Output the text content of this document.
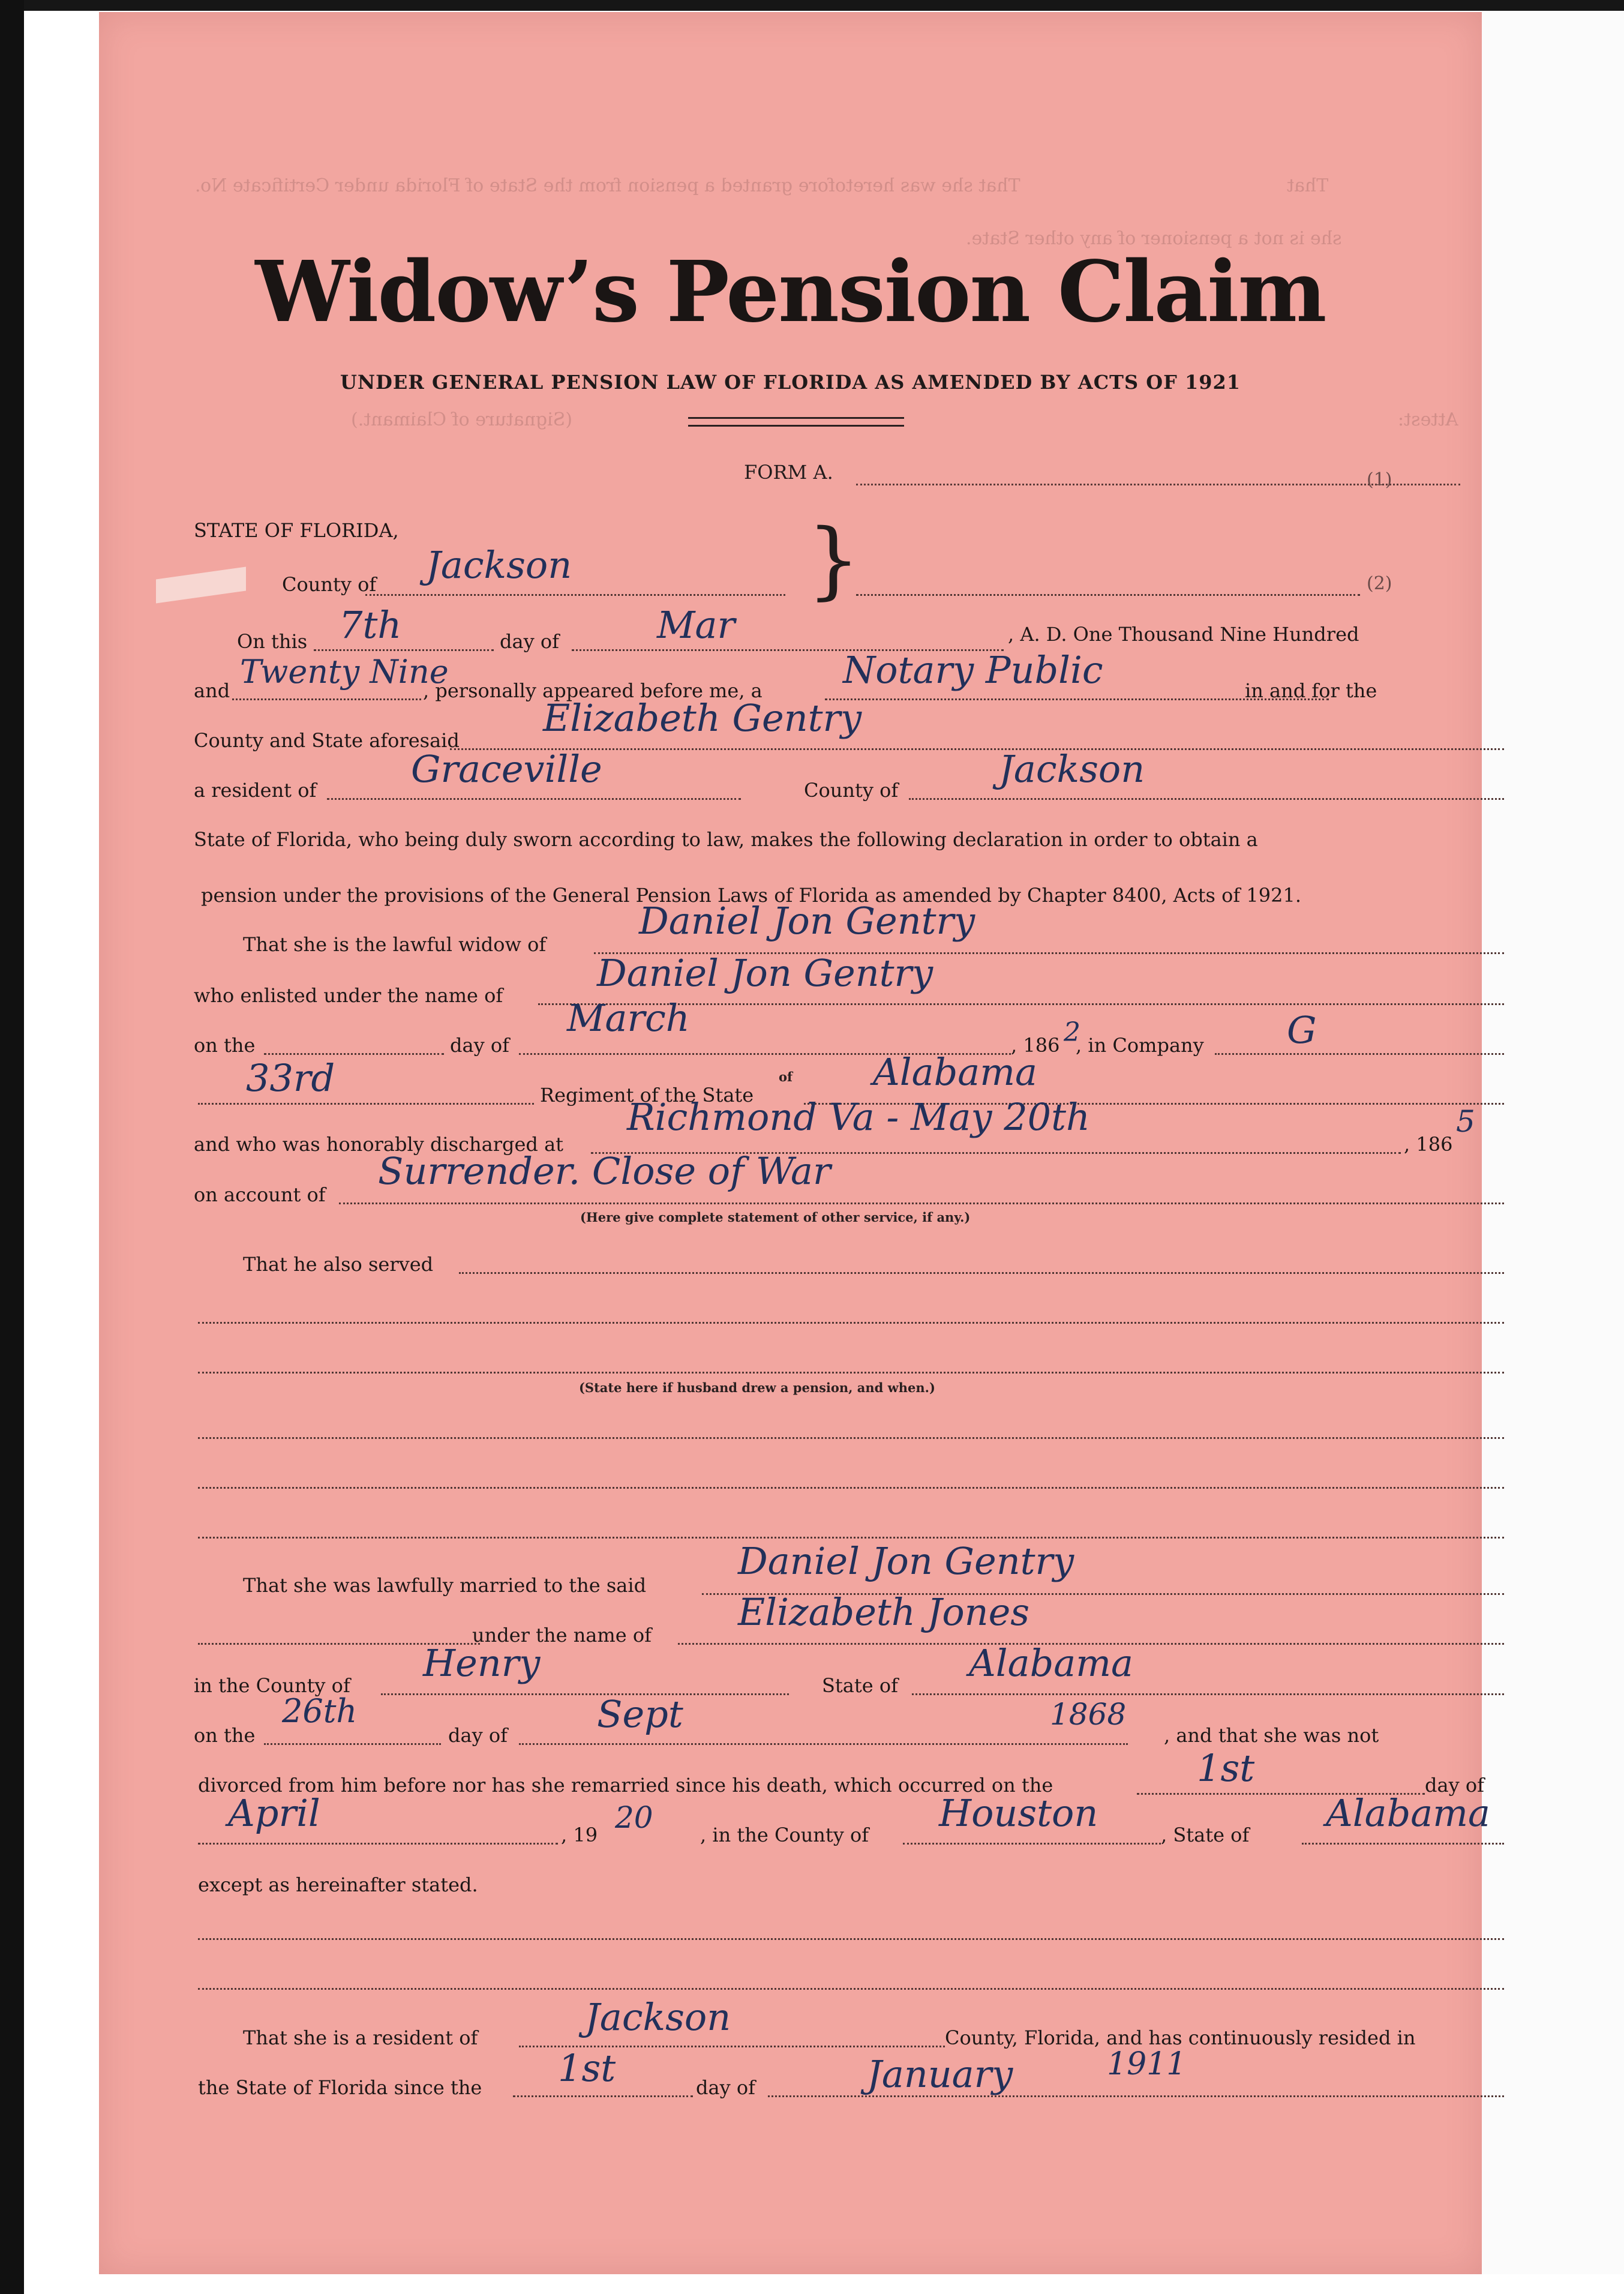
That she was heretofore granted a pension from the State of Florida under Certificate No.	That
she is not a pensioner of any other State.
(Signature of Claimant.)	Attest:
Widow’s Pension Claim
UNDER GENERAL PENSION LAW OF FLORIDA AS AMENDED BY ACTS OF 1921
FORM A.	(1)
STATE OF FLORIDA,
County of Jackson	}	(2)
On this 7th	day of	Mar	, A. D. One Thousand Nine Hundred
and Twenty Nine
, personally appeared before me, a Notary Public	in and for the
County and State aforesaid
Elizabeth Gentry
a resident of	Graceville	County of	Jackson
State of Florida, who being duly sworn according to law, makes the following declaration in order to obtain a
pension under the provisions of the General Pension Laws of Florida as amended by Chapter 8400, Acts of 1921.
That she is the lawful widow of
Daniel Jon Gentry
who enlisted under the name of
Daniel Jon Gentry
on the	day of
March
, 186 2
, in Company G
33rd	Regiment of the State
of Alabama
and who was honorably discharged at
Richmond Va - May 20th
, 186
5
on account of
Surrender. Close of War
(Here give complete statement of other service, if any.)
That he also served
(State here if husband drew a pension, and when.)
That she was lawfully married to the said
Daniel Jon Gentry
under the name of
Elizabeth Jones
in the County of
Henry
State of
Alabama
on the
26th
day of Sept	1868
, and that she was not
divorced from him before nor has she remarried since his death, which occurred on the	1st	day of
April	, 19 20 , in the County of Houston	, State of Alabama
except as hereinafter stated.
That she is a resident of	Jackson	County, Florida, and has continuously resided in
the State of Florida since the 1st	day of	January	1911
